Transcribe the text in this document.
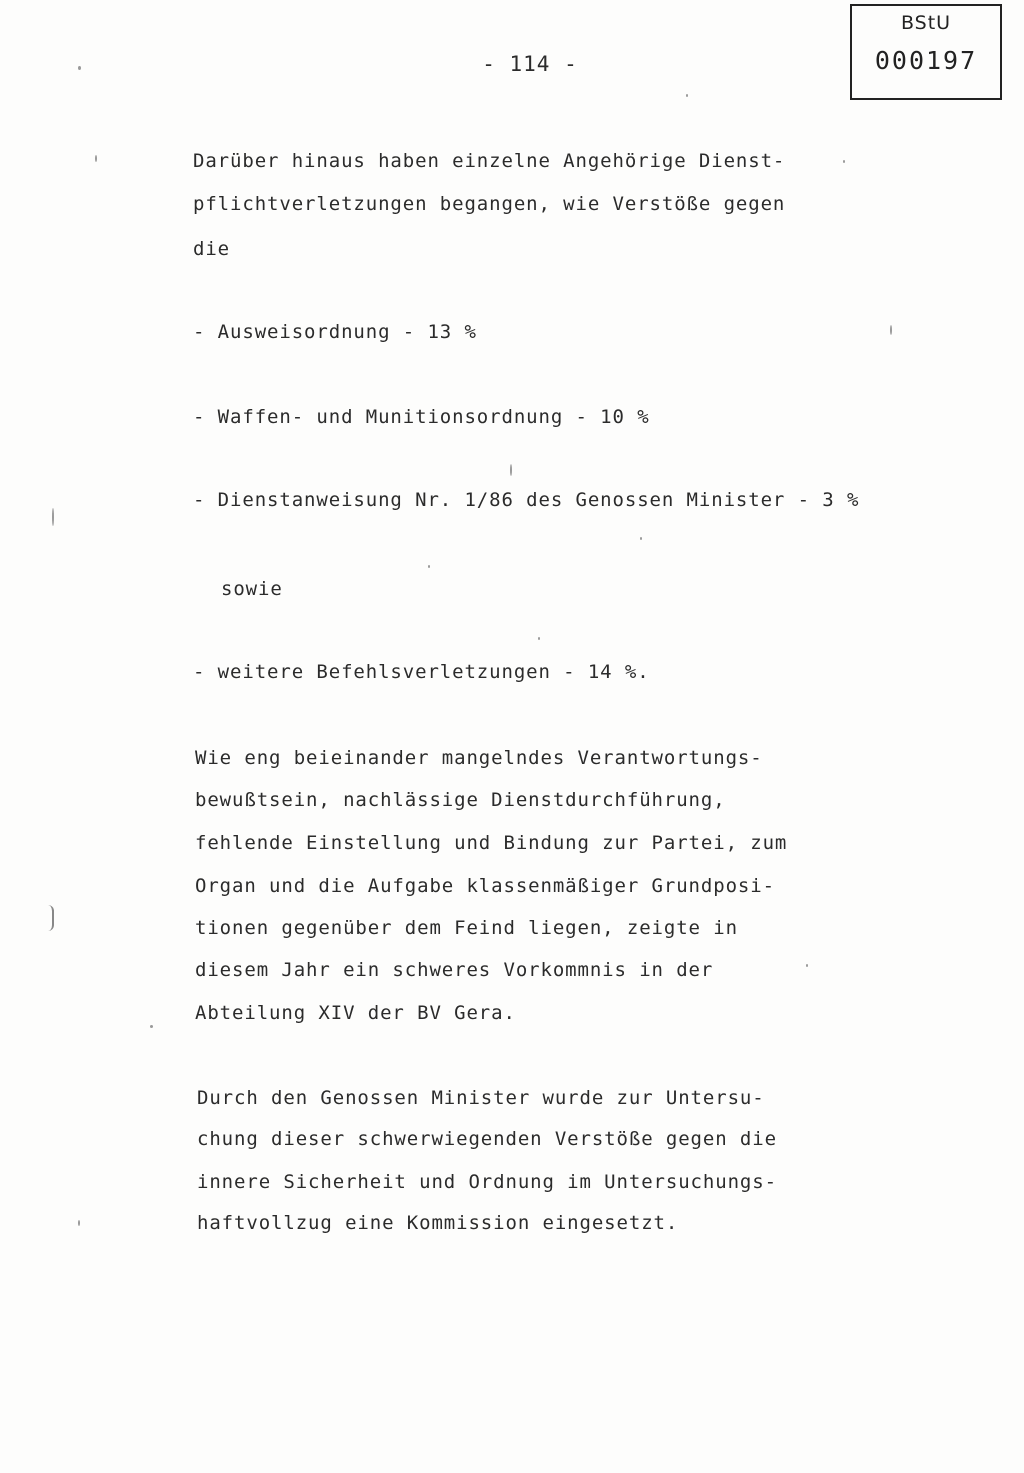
BStU
000197
- 114 -
Darüber hinaus haben einzelne Angehörige Dienst-
pflichtverletzungen begangen, wie Verstöße gegen
die
- Ausweisordnung - 13 %
- Waffen- und Munitionsordnung - 10 %
- Dienstanweisung Nr. 1/86 des Genossen Minister - 3 %
sowie
- weitere Befehlsverletzungen - 14 %.
Wie eng beieinander mangelndes Verantwortungs-
bewußtsein, nachlässige Dienstdurchführung,
fehlende Einstellung und Bindung zur Partei, zum
Organ und die Aufgabe klassenmäßiger Grundposi-
tionen gegenüber dem Feind liegen, zeigte in
diesem Jahr ein schweres Vorkommnis in der
Abteilung XIV der BV Gera.
Durch den Genossen Minister wurde zur Untersu-
chung dieser schwerwiegenden Verstöße gegen die
innere Sicherheit und Ordnung im Untersuchungs-
haftvollzug eine Kommission eingesetzt.
